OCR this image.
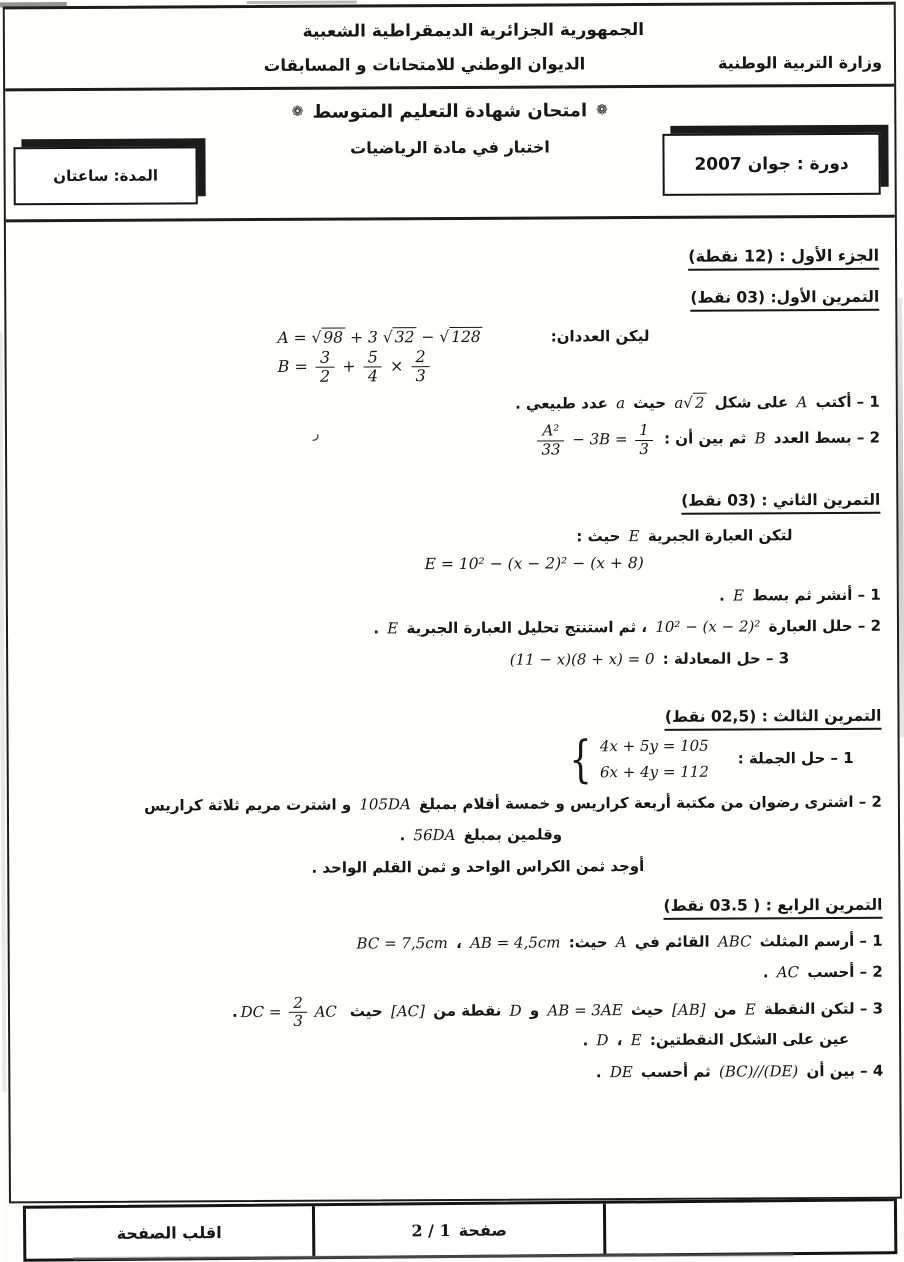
الجمهورية الجزائرية الديمقراطية الشعبية
وزارة التربية الوطنية
الديوان الوطني للامتحانات و المسابقات
❁امتحان شهادة التعليم المتوسط❁
اختبار في مادة الرياضيات
دورة : جوان 2007
المدة: ساعتان
الجزء الأول : (12 نقطة)
التمرين الأول: (03 نقط)
ليكن العددان:
A = √ 98 + 3 √ 32 − √ 128
$B = \frac{3}{2} + \frac{5}{4} \times \frac{2}{3}$
1 – أكتب A على شكل a√ 2 حيث a عدد طبيعي .
ر	2 – بسط العدد B ثم بين أن :
$\frac{\text{A²}}{33} - 3B = \frac{1}{3}$
التمرين الثاني : (03 نقط)
لتكن العبارة الجبرية E حيث :
E = 10² − (x − 2)² − (x + 8)
1 – أنشر ثم بسط E .
2 – حلل العبارة 10² − (x − 2)² ، ثم استنتج تحليل العبارة الجبرية E .
3 – حل المعادلة : (11 − x)(8 + x) = 0
التمرين الثالث : (02,5 نقط)
1 – حل الجملة :
{ 4x + 5y = 105
6x + 4y = 112
2 – اشترى رضوان من مكتبة أربعة كراريس و خمسة أقلام بمبلغ 105DA و اشترت مريم ثلاثة كراريس
وقلمين بمبلغ 56DA .
أوجد ثمن الكراس الواحد و ثمن القلم الواحد .
التمرين الرابع : ( 03.5 نقط)
1 – أرسم المثلث ABC القائم في A حيث: AB = 4,5cm ، BC = 7,5cm
2 – أحسب AC .
3 – لتكن النقطة E من [AB] حيث AB = 3AE و D نقطة من [AC] حيث DC = $\frac{2}{3}$ AC .
عين على الشكل النقطتين: E ، D .
4 – بين أن (BC)//(DE) ثم أحسب DE .
صفحة
2 / 1
اقلب الصفحة
